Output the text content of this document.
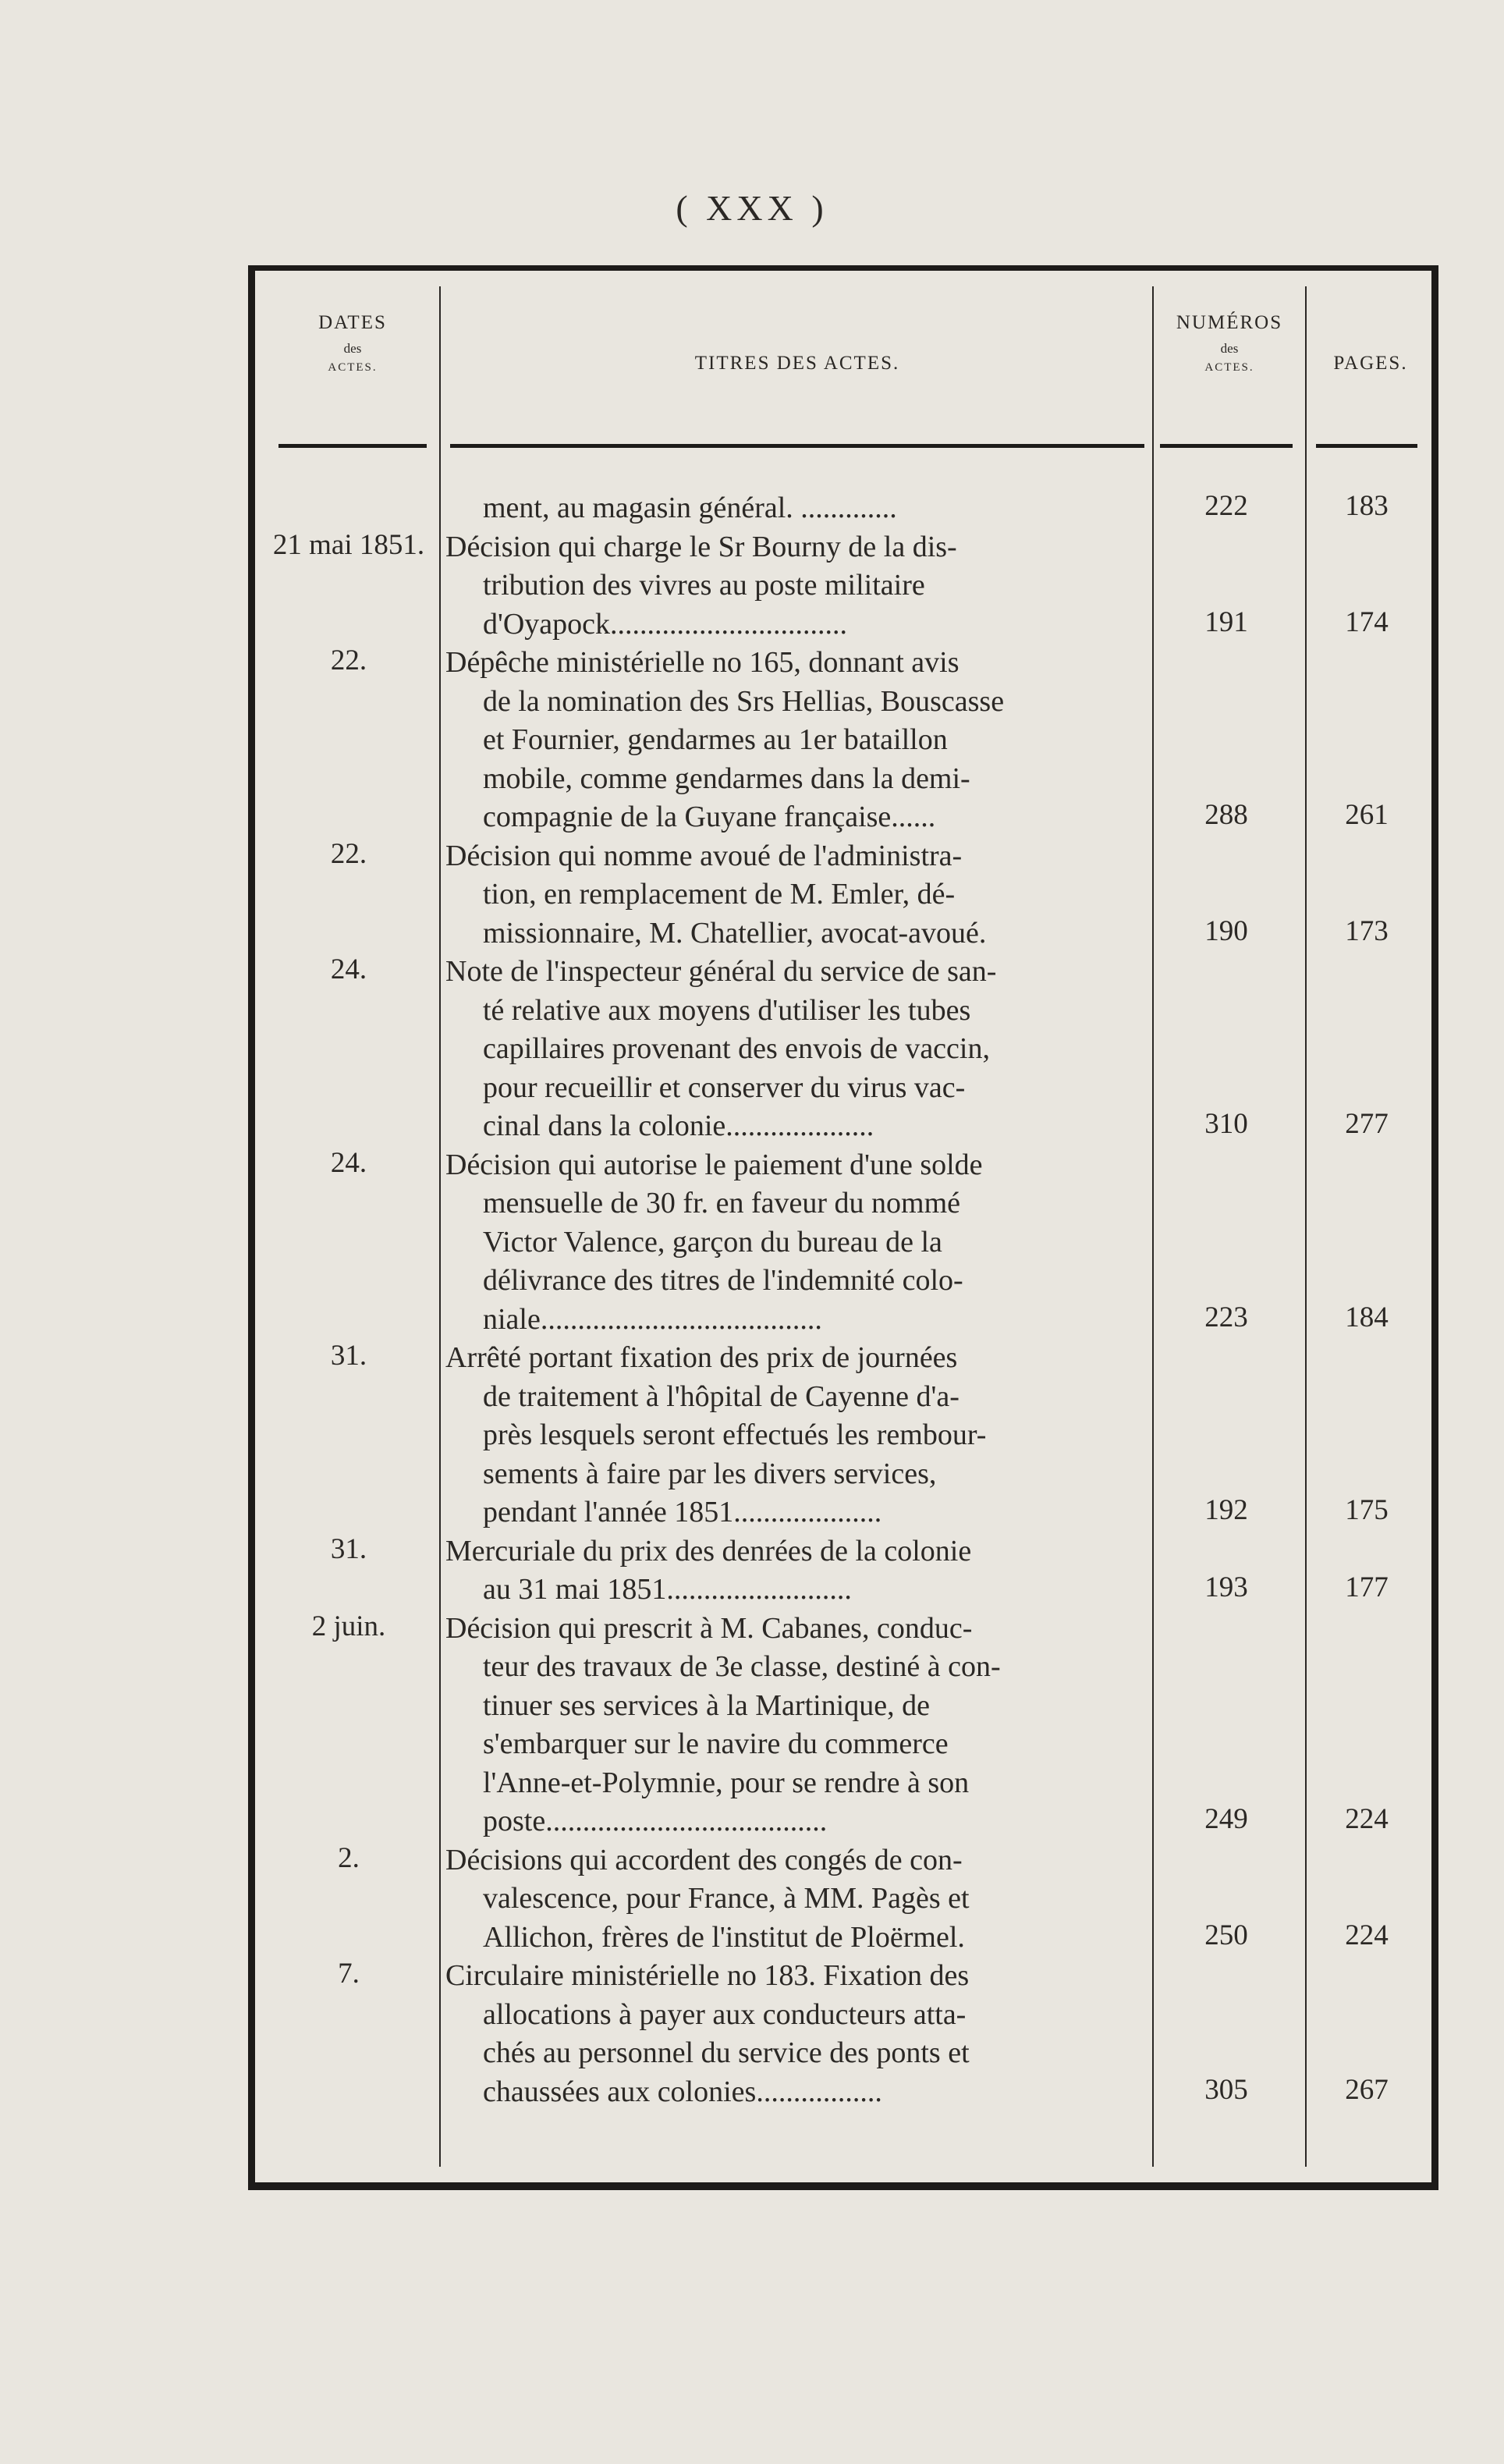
( XXX )
DATES
des
ACTES.	TITRES DES ACTES.
NUMÉROS
des
ACTES.	PAGES.
ment, au magasin général. .............	222	183
21 mai 1851. Décision qui charge le Sr Bourny de la dis-
tribution des vivres au poste militaire
d'Oyapock................................	191	174
22.	Dépêche ministérielle no 165, donnant avis
de la nomination des Srs Hellias, Bouscasse
et Fournier, gendarmes au 1er bataillon
mobile, comme gendarmes dans la demi-
compagnie de la Guyane française......	288	261
22.	Décision qui nomme avoué de l'administra-
tion, en remplacement de M. Emler, dé-
missionnaire, M. Chatellier, avocat-avoué.	190	173
24.	Note de l'inspecteur général du service de san-
té relative aux moyens d'utiliser les tubes
capillaires provenant des envois de vaccin,
pour recueillir et conserver du virus vac-
cinal dans la colonie....................	310	277
24.	Décision qui autorise le paiement d'une solde
mensuelle de 30 fr. en faveur du nommé
Victor Valence, garçon du bureau de la
délivrance des titres de l'indemnité colo-
niale......................................	223	184
31.	Arrêté portant fixation des prix de journées
de traitement à l'hôpital de Cayenne d'a-
près lesquels seront effectués les rembour-
sements à faire par les divers services,
pendant l'année 1851....................	192	175
31.	Mercuriale du prix des denrées de la colonie
au 31 mai 1851.........................	193	177
2 juin.	Décision qui prescrit à M. Cabanes, conduc-
teur des travaux de 3e classe, destiné à con-
tinuer ses services à la Martinique, de
s'embarquer sur le navire du commerce
l'Anne-et-Polymnie, pour se rendre à son
poste......................................	249	224
2.	Décisions qui accordent des congés de con-
valescence, pour France, à MM. Pagès et
Allichon, frères de l'institut de Ploërmel.	250	224
7.	Circulaire ministérielle no 183. Fixation des
allocations à payer aux conducteurs atta-
chés au personnel du service des ponts et
chaussées aux colonies.................	305	267
